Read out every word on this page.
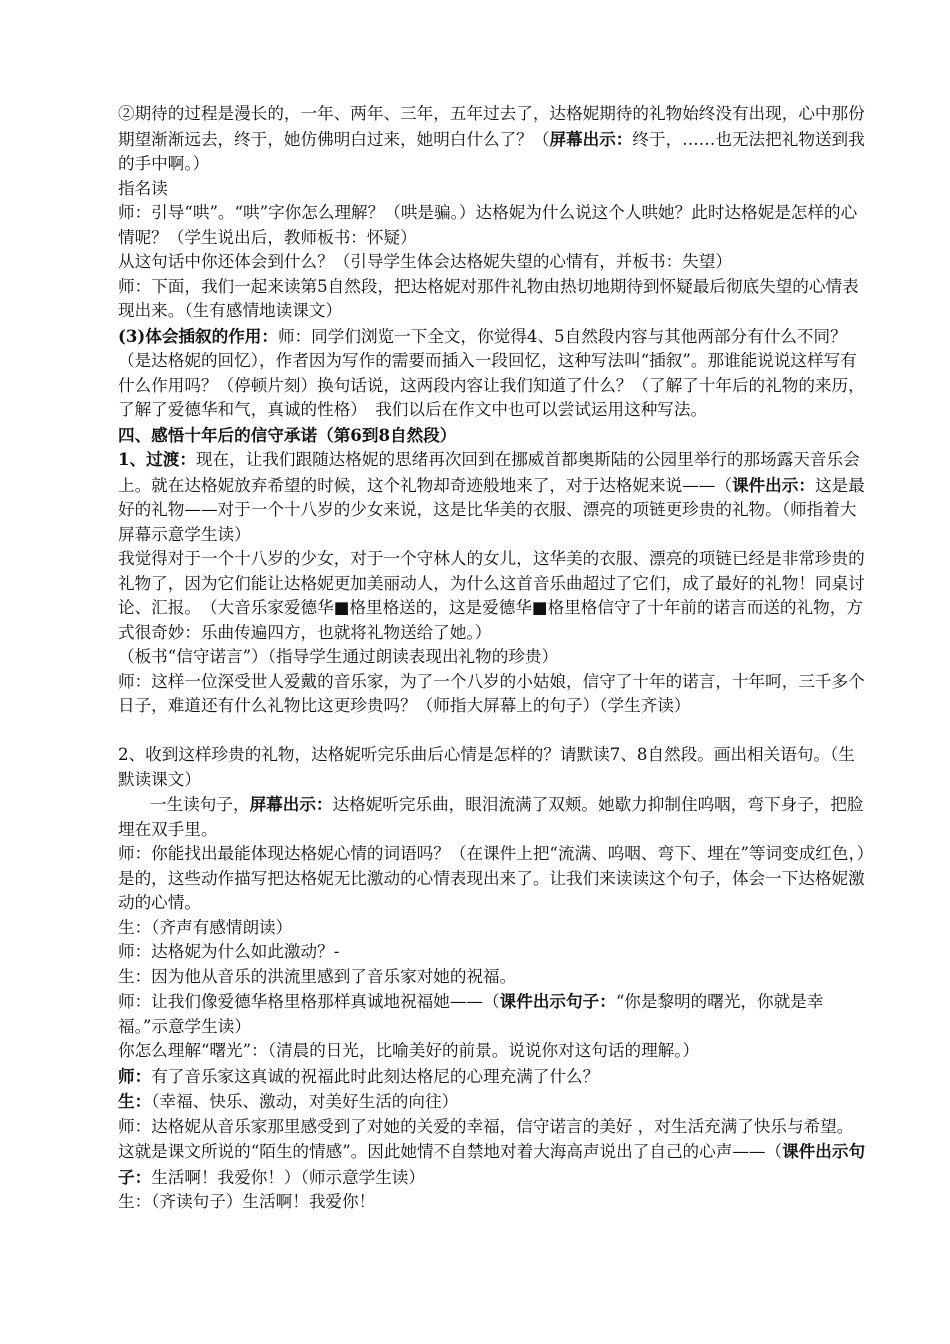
②期待的过程是漫长的，一年、两年、三年，五年过去了，达格妮期待的礼物始终没有出现，心中那份期望渐渐远去，终于，她仿佛明白过来，她明白什么了？（屏幕出示：终于，……也无法把礼物送到我的手中啊。）

指名读

师：引导“哄”。“哄”字你怎么理解？（哄是骗。）达格妮为什么说这个人哄她？此时达格妮是怎样的心情呢？（学生说出后，教师板书：怀疑）

从这句话中你还体会到什么？（引导学生体会达格妮失望的心情有，并板书：失望）

师：下面，我们一起来读第5自然段，把达格妮对那件礼物由热切地期待到怀疑最后彻底失望的心情表现出来。（生有感情地读课文）

(3)体会插叙的作用：师：同学们浏览一下全文，你觉得4、5自然段内容与其他两部分有什么不同？（是达格妮的回忆），作者因为写作的需要而插入一段回忆，这种写法叫“插叙”。那谁能说说这样写有什么作用吗？（停顿片刻）换句话说，这两段内容让我们知道了什么？（了解了十年后的礼物的来历，了解了爱德华和气，真诚的性格）　我们以后在作文中也可以尝试运用这种写法。

四、感悟十年后的信守承诺（第6到8自然段）

1、过渡：现在，让我们跟随达格妮的思绪再次回到在挪威首都奥斯陆的公园里举行的那场露天音乐会上。就在达格妮放弃希望的时候，这个礼物却奇迹般地来了，对于达格妮来说——（课件出示：这是最好的礼物——对于一个十八岁的少女来说，这是比华美的衣服、漂亮的项链更珍贵的礼物。（师指着大屏幕示意学生读）

我觉得对于一个十八岁的少女，对于一个守林人的女儿，这华美的衣服、漂亮的项链已经是非常珍贵的礼物了，因为它们能让达格妮更加美丽动人，为什么这首音乐曲超过了它们，成了最好的礼物！同桌讨论、汇报。　（大音乐家爱德华■格里格送的，这是爱德华■格里格信守了十年前的诺言而送的礼物，方式很奇妙：乐曲传遍四方，也就将礼物送给了她。）

（板书“信守诺言”）（指导学生通过朗读表现出礼物的珍贵）

师：这样一位深受世人爱戴的音乐家，为了一个八岁的小姑娘，信守了十年的诺言，十年呵，三千多个日子，难道还有什么礼物比这更珍贵吗？（师指大屏幕上的句子）（学生齐读）

2、收到这样珍贵的礼物，达格妮听完乐曲后心情是怎样的？请默读7、8自然段。画出相关语句。（生默读课文）

一生读句子，屏幕出示：达格妮听完乐曲，眼泪流满了双颊。她歇力抑制住呜咽，弯下身子，把脸埋在双手里。

师：你能找出最能体现达格妮心情的词语吗？（在课件上把“流满、呜咽、弯下、埋在”等词变成红色，）是的，这些动作描写把达格妮无比激动的心情表现出来了。让我们来读读这个句子，体会一下达格妮激动的心情。

生：（齐声有感情朗读）

师：达格妮为什么如此激动？-

生：因为他从音乐的洪流里感到了音乐家对她的祝福。

师：让我们像爱德华格里格那样真诚地祝福她——（课件出示句子：“你是黎明的曙光，你就是幸福。”示意学生读）

你怎么理解“曙光”：（清晨的日光，比喻美好的前景。说说你对这句话的理解。）

师：有了音乐家这真诚的祝福此时此刻达格尼的心理充满了什么？

生：（幸福、快乐、激动，对美好生活的向往）

师：达格妮从音乐家那里感受到了对她的关爱的幸福，信守诺言的美好 ，对生活充满了快乐与希望。这就是课文所说的“陌生的情感”。因此她情不自禁地对着大海高声说出了自己的心声——（课件出示句子：生活啊！我爱你！）（师示意学生读）

生：（齐读句子）生活啊！我爱你！
